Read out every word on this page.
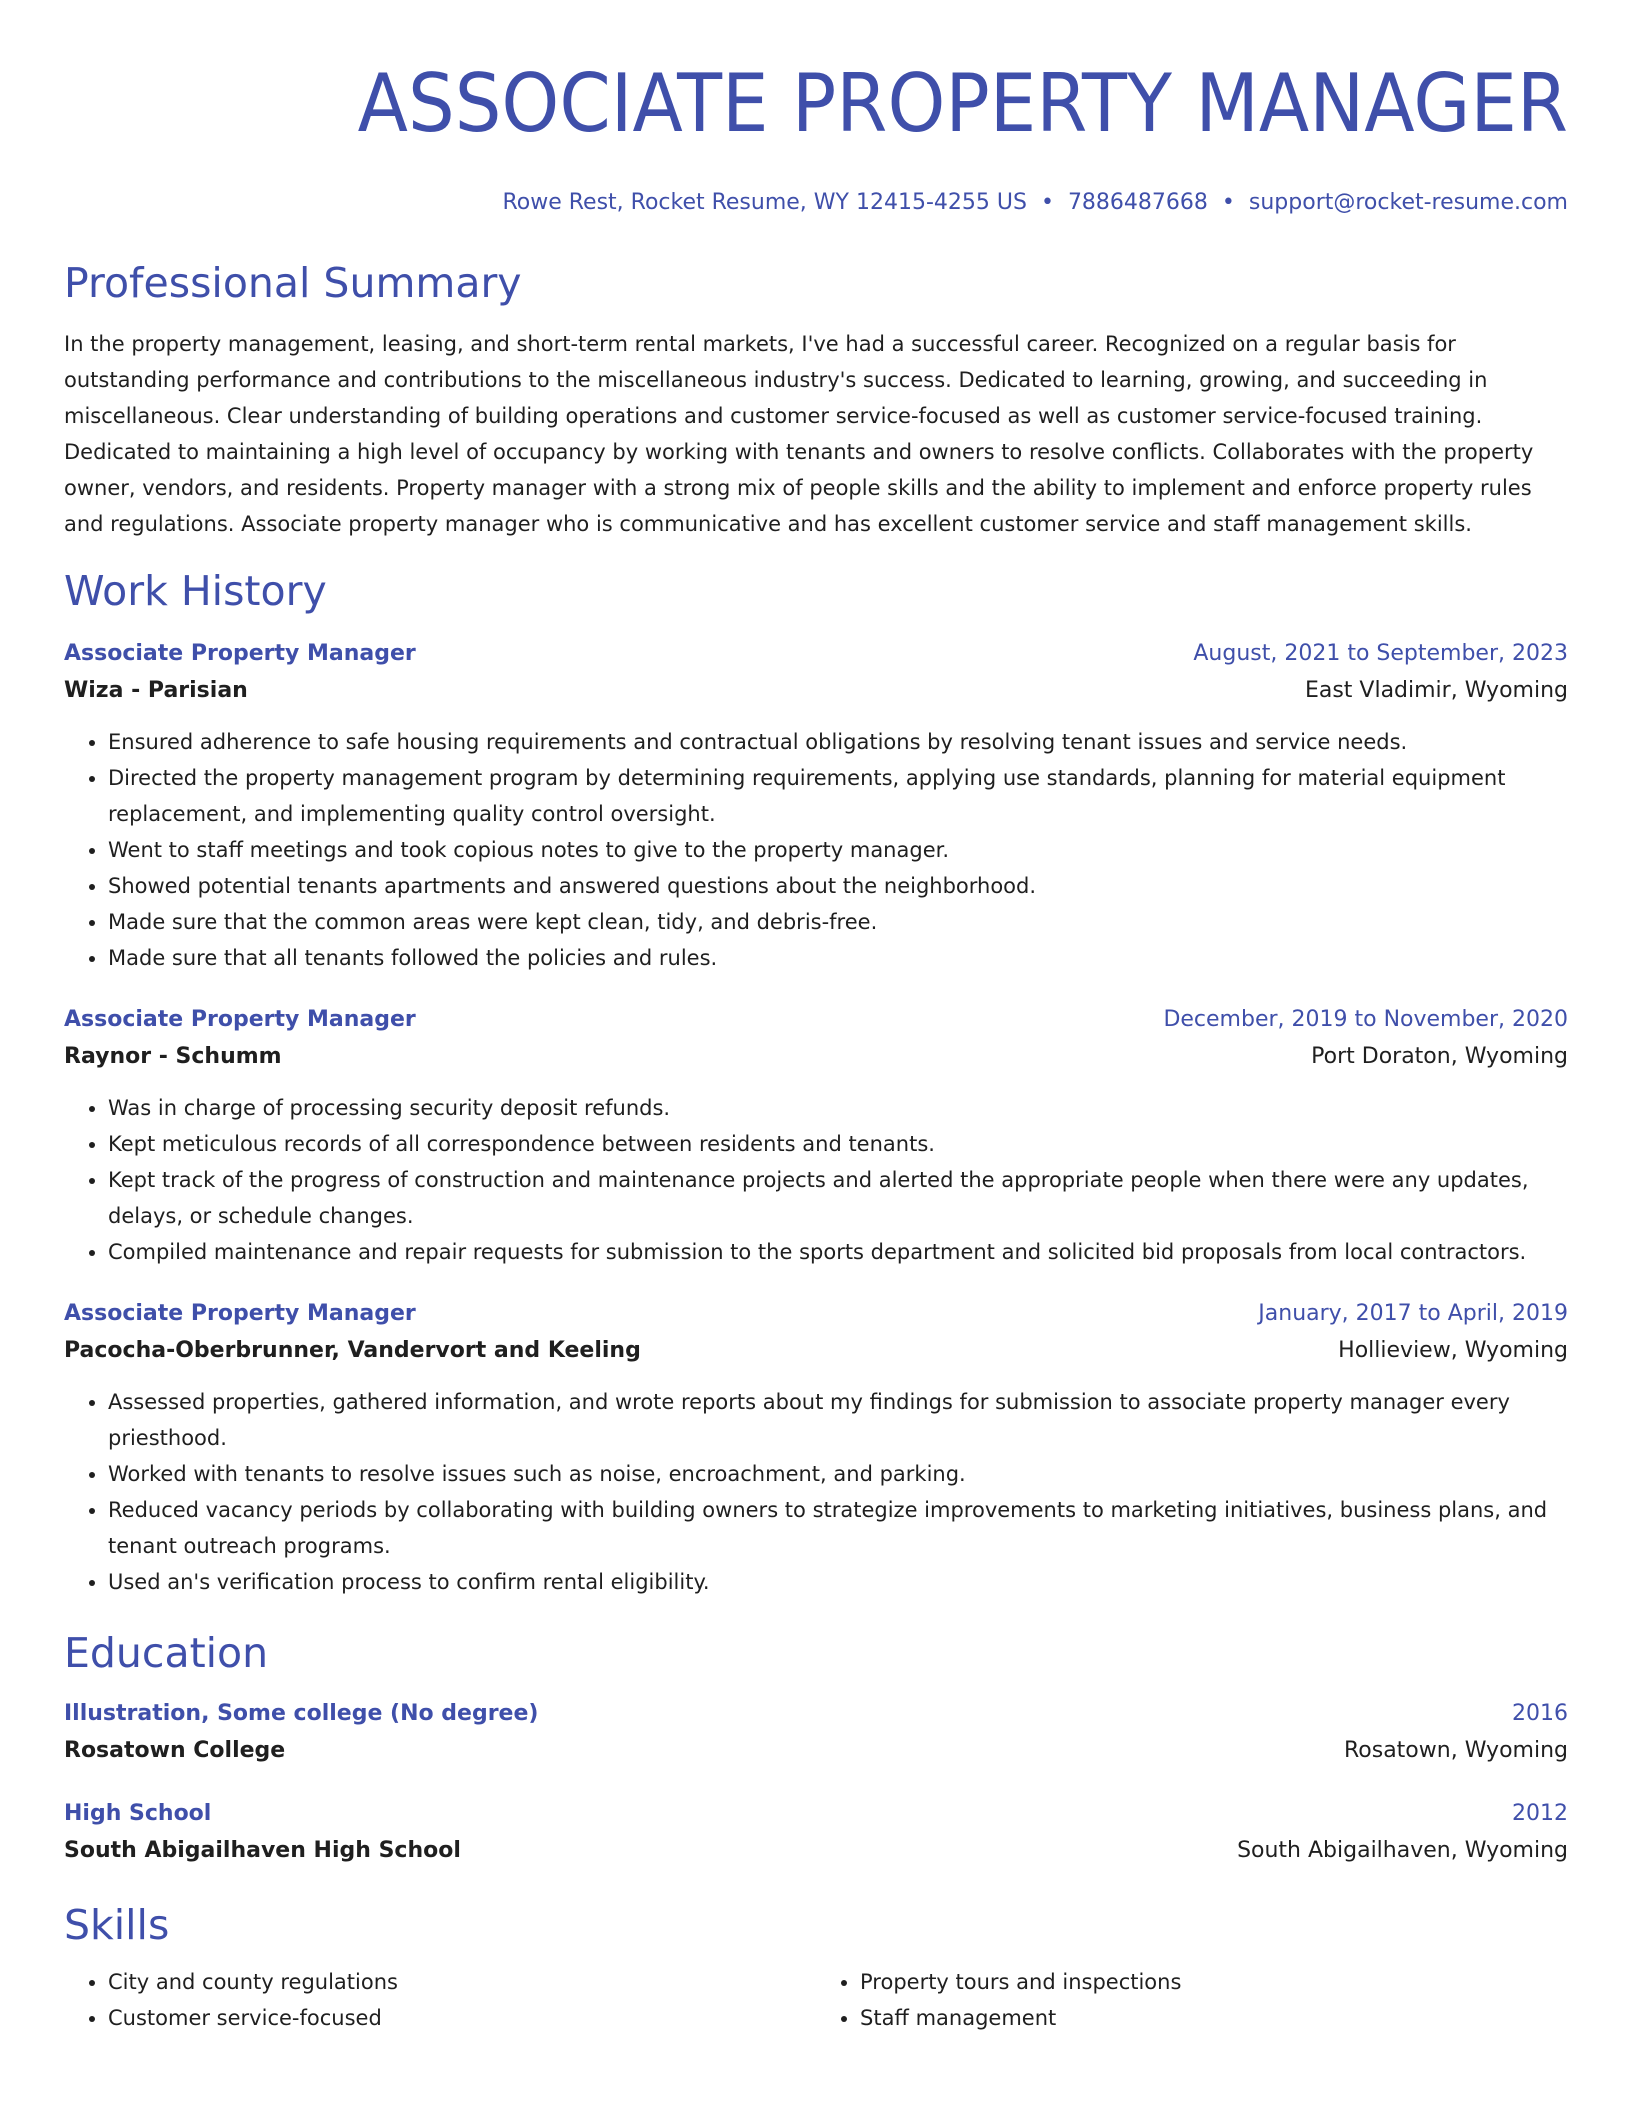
ASSOCIATE PROPERTY MANAGER
Rowe Rest, Rocket Resume, WY 12415-4255 US • 7886487668 • support@rocket-resume.com
Professional Summary
In the property management, leasing, and short-term rental markets, I've had a successful career. Recognized on a regular basis for outstanding performance and contributions to the miscellaneous industry's success. Dedicated to learning, growing, and succeeding in miscellaneous. Clear understanding of building operations and customer service-focused as well as customer service-focused training. Dedicated to maintaining a high level of occupancy by working with tenants and owners to resolve conflicts. Collaborates with the property owner, vendors, and residents. Property manager with a strong mix of people skills and the ability to implement and enforce property rules and regulations. Associate property manager who is communicative and has excellent customer service and staff management skills.
Work History
Associate Property Manager	August, 2021 to September, 2023
Wiza - Parisian	East Vladimir, Wyoming
• Ensured adherence to safe housing requirements and contractual obligations by resolving tenant issues and service needs.
• Directed the property management program by determining requirements, applying use standards, planning for material equipment replacement, and implementing quality control oversight.
• Went to staff meetings and took copious notes to give to the property manager.
• Showed potential tenants apartments and answered questions about the neighborhood.
• Made sure that the common areas were kept clean, tidy, and debris-free.
• Made sure that all tenants followed the policies and rules.
Associate Property Manager	December, 2019 to November, 2020
Raynor - Schumm	Port Doraton, Wyoming
• Was in charge of processing security deposit refunds.
• Kept meticulous records of all correspondence between residents and tenants.
• Kept track of the progress of construction and maintenance projects and alerted the appropriate people when there were any updates, delays, or schedule changes.
• Compiled maintenance and repair requests for submission to the sports department and solicited bid proposals from local contractors.
Associate Property Manager	January, 2017 to April, 2019
Pacocha-Oberbrunner, Vandervort and Keeling	Hollieview, Wyoming
• Assessed properties, gathered information, and wrote reports about my findings for submission to associate property manager every priesthood.
• Worked with tenants to resolve issues such as noise, encroachment, and parking.
• Reduced vacancy periods by collaborating with building owners to strategize improvements to marketing initiatives, business plans, and tenant outreach programs.
• Used an's verification process to confirm rental eligibility.
Education
Illustration, Some college (No degree)	2016
Rosatown College	Rosatown, Wyoming
High School	2012
South Abigailhaven High School	South Abigailhaven, Wyoming
Skills
• City and county regulations
• Customer service-focused
• Property tours and inspections
• Staff management
